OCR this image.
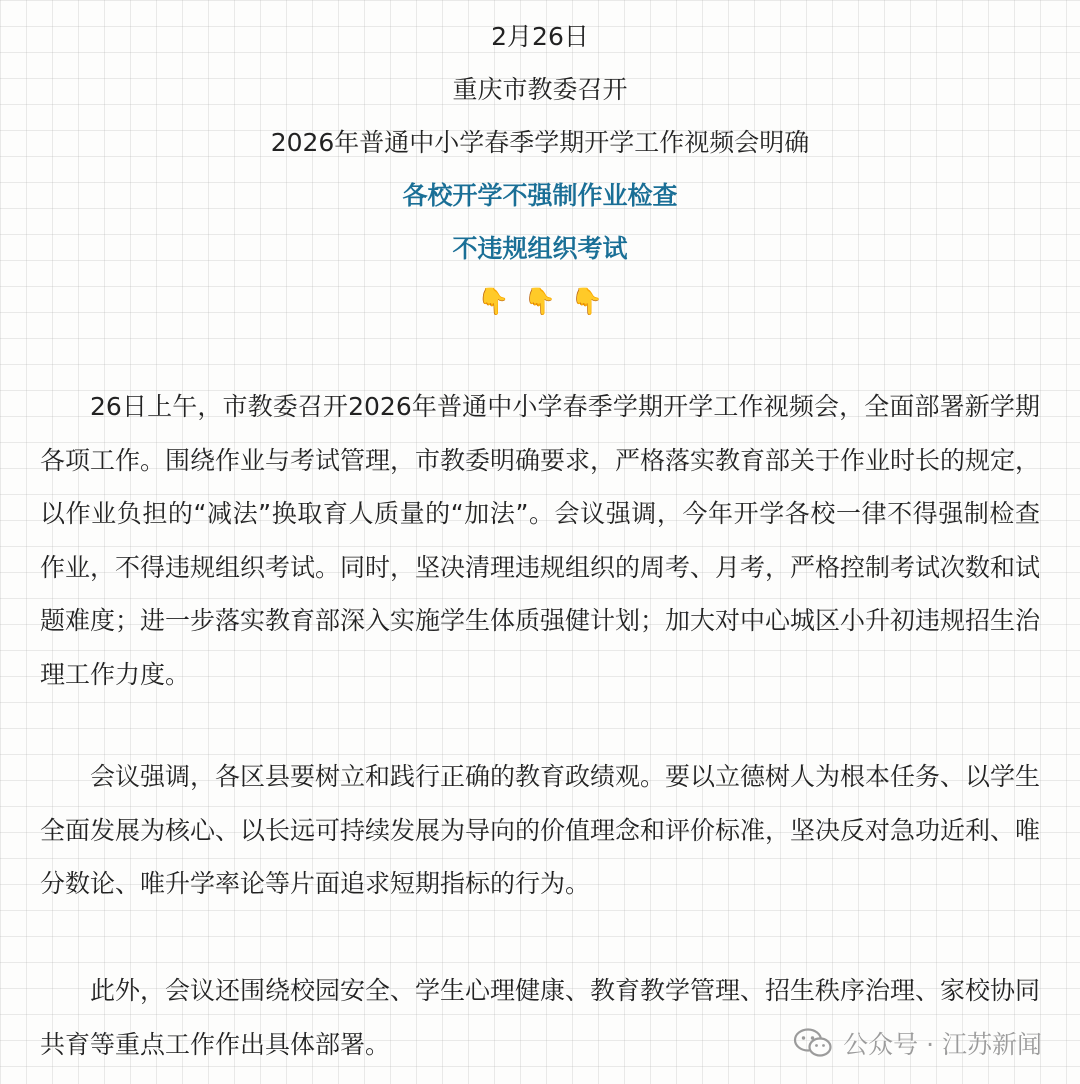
2月26日
重庆市教委召开
2026年普通中小学春季学期开学工作视频会明确
各校开学不强制作业检查
不违规组织考试
👇 👇 👇

26日上午，市教委召开2026年普通中小学春季学期开学工作视频会，全面部署新学期各项工作。围绕作业与考试管理，市教委明确要求，严格落实教育部关于作业时长的规定，以作业负担的“减法”换取育人质量的“加法”。会议强调，今年开学各校一律不得强制检查作业，不得违规组织考试。同时，坚决清理违规组织的周考、月考，严格控制考试次数和试题难度；进一步落实教育部深入实施学生体质强健计划；加大对中心城区小升初违规招生治理工作力度。

会议强调，各区县要树立和践行正确的教育政绩观。要以立德树人为根本任务、以学生全面发展为核心、以长远可持续发展为导向的价值理念和评价标准，坚决反对急功近利、唯分数论、唯升学率论等片面追求短期指标的行为。

此外，会议还围绕校园安全、学生心理健康、教育教学管理、招生秩序治理、家校协同共育等重点工作作出具体部署。	公众号 · 江苏新闻
